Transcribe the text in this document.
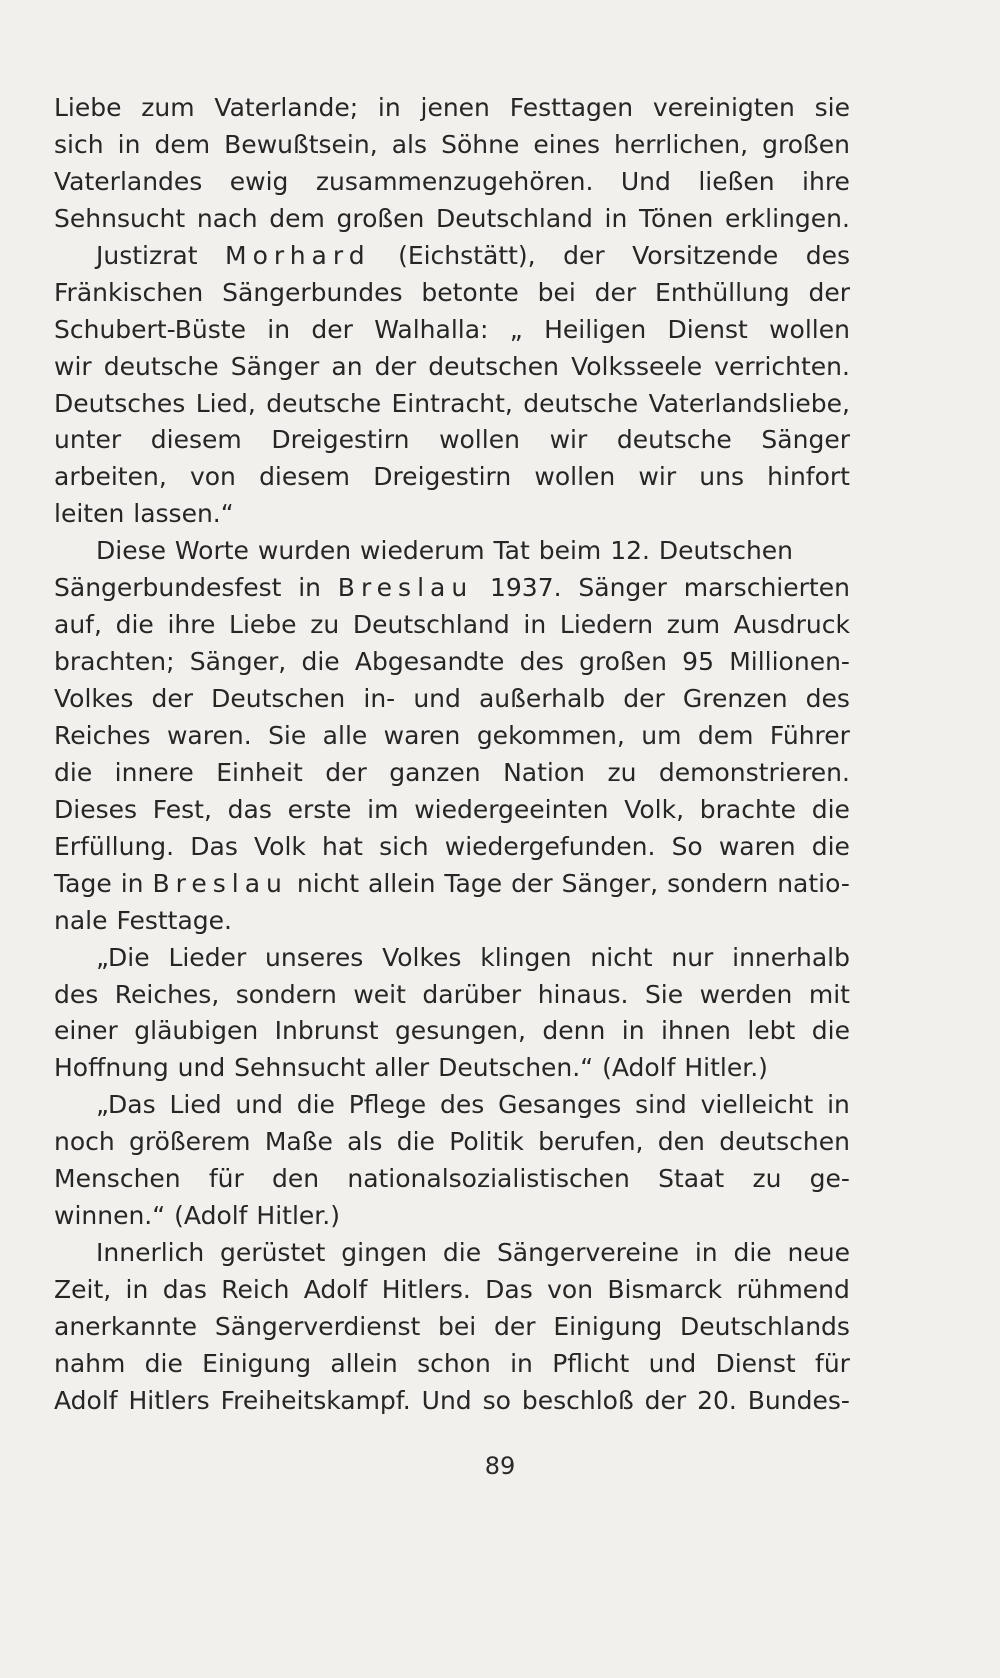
Liebe zum Vaterlande; in jenen Festtagen vereinigten sie
sich in dem Bewußtsein, als Söhne eines herrlichen, großen
Vaterlandes ewig zusammenzugehören. Und ließen ihre
Sehnsucht nach dem großen Deutschland in Tönen erklingen.
Justizrat Morhard (Eichstätt), der Vorsitzende des
Fränkischen Sängerbundes betonte bei der Enthüllung der
Schubert-Büste in der Walhalla: „ Heiligen Dienst wollen
wir deutsche Sänger an der deutschen Volksseele verrichten.
Deutsches Lied, deutsche Eintracht, deutsche Vaterlandsliebe,
unter diesem Dreigestirn wollen wir deutsche Sänger
arbeiten, von diesem Dreigestirn wollen wir uns hinfort
leiten lassen.“
Diese Worte wurden wiederum Tat beim 12. Deutschen
Sängerbundesfest in Breslau 1937. Sänger marschierten
auf, die ihre Liebe zu Deutschland in Liedern zum Ausdruck
brachten; Sänger, die Abgesandte des großen 95 Millionen-
Volkes der Deutschen in- und außerhalb der Grenzen des
Reiches waren. Sie alle waren gekommen, um dem Führer
die innere Einheit der ganzen Nation zu demonstrieren.
Dieses Fest, das erste im wiedergeeinten Volk, brachte die
Erfüllung. Das Volk hat sich wiedergefunden. So waren die
Tage in Breslau nicht allein Tage der Sänger, sondern natio-
nale Festtage.
„Die Lieder unseres Volkes klingen nicht nur innerhalb
des Reiches, sondern weit darüber hinaus. Sie werden mit
einer gläubigen Inbrunst gesungen, denn in ihnen lebt die
Hoffnung und Sehnsucht aller Deutschen.“ (Adolf Hitler.)
„Das Lied und die Pflege des Gesanges sind vielleicht in
noch größerem Maße als die Politik berufen, den deutschen
Menschen für den nationalsozialistischen Staat zu ge-
winnen.“ (Adolf Hitler.)
Innerlich gerüstet gingen die Sängervereine in die neue
Zeit, in das Reich Adolf Hitlers. Das von Bismarck rühmend
anerkannte Sängerverdienst bei der Einigung Deutschlands
nahm die Einigung allein schon in Pflicht und Dienst für
Adolf Hitlers Freiheitskampf. Und so beschloß der 20. Bundes-
89
